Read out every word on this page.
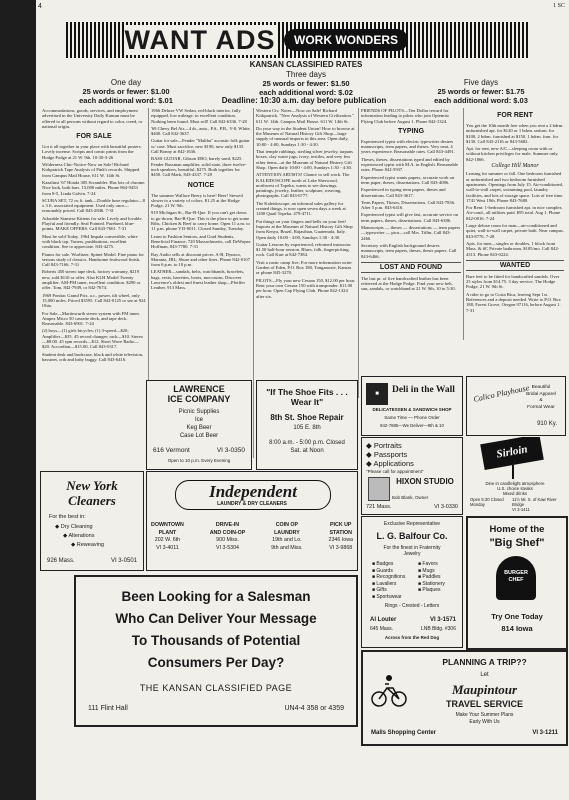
4	1 SC
WANT ADS	WORK WONDERS
One day
25 words or fewer: $1.00
each additional word: $.01
KANSAN CLASSIFIED RATES
Three days
25 words or fewer: $1.50
each additional word: $.02
Five days
25 words or fewer: $1.75
each additional word: $.03
Deadline: 10:30 a.m. day before publication

Accommodations, goods, services, and employment advertised in the University Daily Kansan must be offered to all persons without regard to color, creed, or national origin.

FOR SALE

Got it all together in your place with beautiful posters. Lovely incense. Scripts and comic prints from the Hodge Podge at 21 W. 9th. 10-30-3-26

Wilderness Chic-Notice-Now on Sale! Richard Kirkpatrick Tape Analysis of Pink's records. Shipped from Campus Mail House, 611 W. 14th St.

Kazalinsi '67 Honda 305 Scrambler. Has lots of chrome. Nice look, both bars. 15,000 miles. Phone 864-9453 from 8-5, Linda Galvin. 7-24

SCUBA SET, 72 cu ft. tank—Double hose regulator—8 x 3 ft. associated equipment. Used only once—reasonably priced. Call 843-2846. 7-31

Adorable Siamese Kittens for sale. Lively and lovable. Playful and friendly. Seal Pointed. Purebred, blue-points. MAKE OFFERS. Call 843-7661. 7-31

Must be sold Today. 1964 Impala convertible, white with black top. Tuners, pushbuttons, excellent condition. See to appreciate. 843-4275.

Pianos for sale. Wurlitzer. Spinet Model. Fine piano for serious study of classics. Handsome fruitwood finish. Call 843-7166. 7-31

Roberts 450 stereo tape deck, factory warranty, $219 new, sold $110 or offer. Also KLH Model Twenty amplifier. AM-FM tuner, excellent condition. $290 or offer. Tom, 842-7949, or 842-7674.

1969 Pontiac Grand Prix, a.c., power, tilt wheel, only 15,000 miles. Priced $3595. Call 842-0125 or see at 924 Ohio.

For Sale—Martinwurth stereo system with FM tuner. Ampex Micro 50 cassette deck, and tape deck. Reasonable. 843-6901. 7-24

(2) boys—(1) girls bicycles; (1) 3-speed—$20; Amplifier—$35. 45 record changer; rack—$10. Stereo—$8.00. 45 rpm records—$12. Short Wave Radio—$20. Accordion—$15.00, Call 843-0317.

Student desk and bookcase, black and white television, bassinet, crib and baby buggy. Call 843-6416.

1966 Deluxe VW Sedan, red-black interior, fully equipped, low mileage, in excellent condition. Nothing been found. Must sell! Call 842-6336. 7-28

'69 Chevy Bel Air—4 dr., auto., P.S., P.B., V-8, White, $400. Call 842-3637.

Guitar for sale—Fender "Malibu" acoustic folk guitar w/ case. Must sacrifice, new $190, now only $135. Call Bonny at 842-1636.

BASS GUITAR, Gibson EBO, barely used, $225. Fender Bassman amplifier, solid state, three twelve-inch speakers, beautiful, $275. Both together for $450. Call Mark, 843-4337. 7-28

NOTICE

The summer Wallace Beery is here! Beer! Stewed slower to a variety of colors. $1.25 at the Hodge Podge, 21 W. 9th.

919 Michigan St., Bar-B-Que. If you can't get down to go-down, Bar-B-Que. This is the place to get some Ribs, Chicken & Beef to carry home. Open 11 a.m. to 11 p.m. phone VI3-0011. Closed Sunday, Tuesday.

Learn to Fashion Seniors, and Grad Students. Beneficial Finance, 720 Massachusetts, call DeWayne Hoffman, 843-7780. 7-31

Ray Audio sells at discount prices. A-B, Dynaco, Marantz, JBL, Shure and other lines. Phone 842-0107 from 6 p.m. to 10 p.m.

LEATHER—sandals, belts, watchbands, bracelets, bags, vests, barrettes, boots, moccasins. Discover Lawrence's oldest and finest leather shop—Pfeiffer Leather, 913 Mass.

Western Civ. Notes—Now on Sale! Richard Kirkpatrick. "New Analysis of Western Civilization." 611 W. 14th. Campus Mail House. 611 W. 14th St.

Do your way in the Student Union! How to browse at the Museum of Natural History Gift Shop—large supply of unusual imports in this area. Open daily, 10:00 - 4:00, Sundays 1:30 - 4:30.

Thai temple rubbings, sterling silver jewelry, tarpans boxes, clay water jugs, ivory, textiles, and very few other items—at the Museum of Natural History Gift Shop. Open daily 10:00 - 4:00, Sundays 1:30 - 4:30.

ATTENTION ARTISTS! Chance to sell work. The KALEIDOSCOPE north of Lake Sherwood, northwest of Topeka, wants to see drawings, paintings, jewelry, leather, sculpture, weaving, photographs. Call 843-6777.

The Kaleidoscope, an informal sales gallery for created things, is now open seven days a week at 1200 Quail Topeka. 479-4711.

Put things on your fingers and bells on your feet! Imports at the Museum of Natural History Gift Shop from Kenya, Brazil, Rajasthan, Guatemala, Italy. Open daily 10:00 - 4:00, Sundays 1:30 - 4:30.

Guitar Lessons by experienced, reformed instructor. $1.50 half-hour session. Blues, folk, fingerpicking, rock. Call Kurt at 842-7384.

Visit a rustic camp five. For more information write: Garden of Eden, P.O. Box 180, Tonganoxie, Kansas or phone 845-3270.

PILOTS—Fly your new Cessna 150, $12.00 per hour. Rent your own Cessna 150 with transponder. $11.00 per hour. Open Cap Flying Club. Phone 842-1324 after six.

FRIENDS OF PILOTS—Ten Dollar reward for information leading to pilots who join Optemist Flying Club before August 1. Phone 842-1324.

TYPING

Experienced typist with electric typewriter desires manuscripts, term papers, and theses. Very neat, 4 years experience. Reasonable rates. Call 843-4491.

Theses, theses, dissertations typed and edited by experienced typist with M.A. in English. Reasonable rates. Phone 842-5937.

Experienced typist wants papers, accurate work on term paper, theses, dissertations. Call 843-4086.

Experienced in typing term papers, theses and dissertations. Call 843-3617.

Term Papers, Theses, Dissertations. Call 843-7836. After 5 p.m. 843-6416.

Experienced typist will give fast, accurate service on term papers, theses, dissertations. Call 843-6386.

Manuscripts — theses — dissertations — term papers—typewriter — pica—call Mrs. Tiffin, Call 843-2466.

Secretary with English background desires manuscripts, term papers, theses, thesis papers. Call 843-6466.

LOST AND FOUND

The last pr. of five handcrafted leather has been retrieved at the Hodge Podge. Find your new belt, sun, sandals, or watchband at 21 W. 9th, 10 to 5:30.

FOR RENT

You get the 10th month free when you rent a 2 bdrm. unfurnished apt. for $120 or 1 bdrm. unfurn. for $100, 2 bdrm. furnished at $150, 1 bdrm. furn. for $130. Call 843-2116 or 843-5682.

Apt. for rent, new A/C—sleeping room with or without kitchen privileges for male. Summer only. 842-1866.

College Hill Manor

Leasing for summer or fall. One bedroom furnished or unfurnished and two bedroom furnished apartments. Openings from July 15. Air-conditioned, wall-to-wall carpet, swimming pool, laundry facilities, and lots of storage space. Lots of free time. 1741 West 19th. Phone 843-7680.

For Rent: 1-bedroom furnished apt. in nice complex. Air-cond., all utilities paid. $95 total. Aug 1. Phone 842-0016. 7-24

Large deluxe room for man—air-conditioned and quiet, wall-to-wall carpet, private bath. Near campus. 843-8776. 7-28

Apts. for men—singles or doubles, 1 block from Mass. & #C Private bathroom, $105/mo. Call 842-4313. Phone 843-0224.

WANTED

Bare feet to be fitted for handcrafted sandals. Over 25 styles from $14.75. 3 day service. The Hodge Podge, 21 W. 9th St.

A rider to go to Costa Rica, leaving Sept 1st. References and a deposit needed. Write to P.O. Box 188, Forest Grove, Oregon 97116, before August 1. 7-31

LAWRENCE
ICE COMPANY
Picnic Supplies
Ice
Keg Beer
Case Lot Beer
616 Vermont	VI 3-0350
Open to 10 p.m. Every Evening
"If The Shoe Fits . . . Wear It"
8th St. Shoe Repair
105 E. 8th
8:00 a.m. - 5:00 p.m. Closed Sat. at Noon
■	Deli in the Wall
DELICATESSEN & SANDWICH SHOP
Same Time — Phone Order
842-7685—We Deliver—9th & 10
Calico Playhouse Beautiful
Bridal Apparel
&
Formal Wear
910 Ky.
◆ Portraits
◆ Passports
◆ Applications
"Please call for appointment"
HIXON STUDIO
Bob Blank, Owner
721 Mass.	VI 3-0330
Sirloin
Dine in candlelight atmosphere
U.S. choice steaks
Mixed drinks
Open 5:30 Closed Monday
11½ Mi. S. of Kaw River Bridge
VI 3-1411
New York
Cleaners
For the best in:
◆ Dry Cleaning
◆ Alterations
◆ Reweaving
926 Mass.	VI 3-0501
Independent
LAUNDRY & DRY CLEANERS
DOWNTOWN
PLANT
202 W. 6th
VI 3-4011
DRIVE-IN
AND COIN-OP
900 Miss.
VI 3-5304
COIN OP
LAUNDRY
19th and Lo.
9th and Miss.
PICK UP
STATION
2346 Iowa
VI 3-9868
Exclusive Representative
L. G. Balfour Co.
For the finest in Fraternity Jewelry
■ Badges
■ Guards
■ Recognitions
■ Lavaliers
■ Gifts
■ Sportswear
■ Favors
■ Mugs
■ Paddles
■ Stationery
■ Plaques
Rings - Crested - Letters
Al Louter	VI 3-1571
645 Mass.	LNB Bldg. #306
Across from the Red Dog
Home of the
"Big Shef"
BURGER CHEF
Try One Today
814 Iowa
Been Looking for a Salesman
Who Can Deliver Your Message
To Thousands of Potential
Consumers Per Day?
THE KANSAN CLASSIFIED PAGE
111 Flint Hall	UN4-4 358 or 4359
PLANNING A TRIP??
Let
Maupintour
TRAVEL SERVICE
Make Your Summer Plans
Early With Us
Malls Shopping Center	VI 3-1211
